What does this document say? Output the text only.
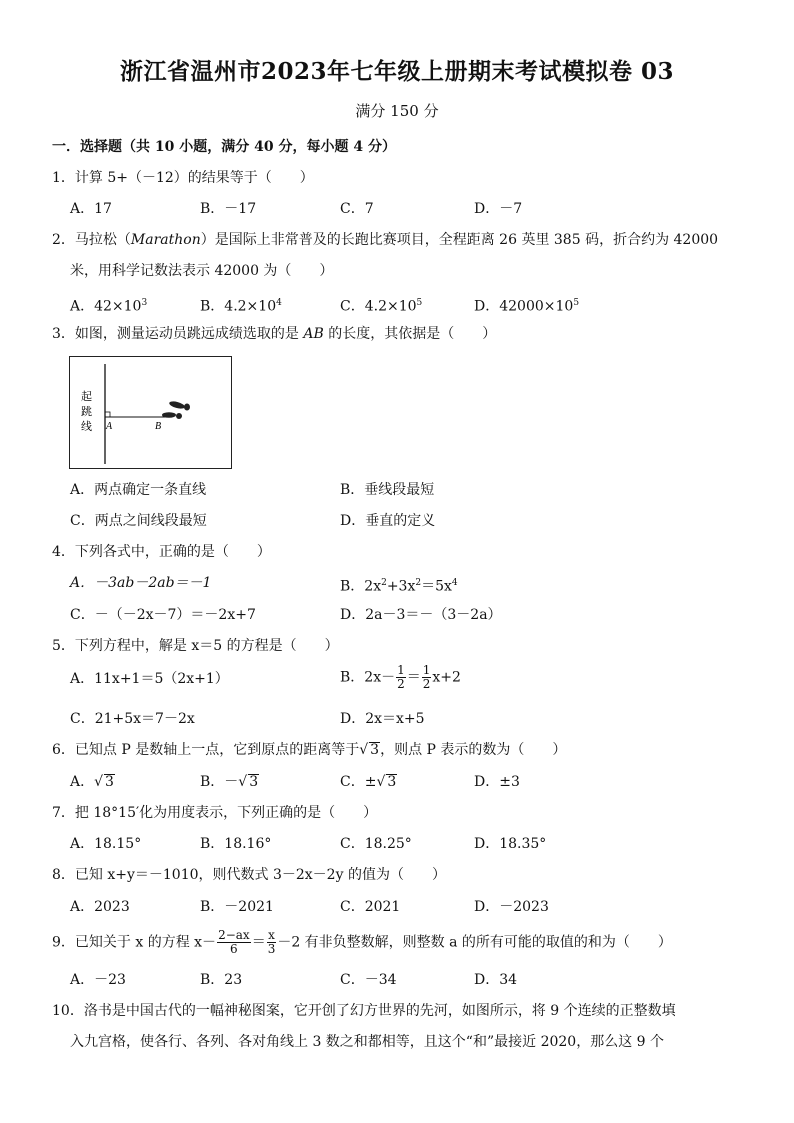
浙江省温州市2023年七年级上册期末考试模拟卷 03
满分 150 分
一．选择题（共 10 小题，满分 40 分，每小题 4 分）
1．计算 5+（－12）的结果等于（　　）
A．17	B．－17	C．7	D．－7
2．马拉松（Marathon）是国际上非常普及的长跑比赛项目，全程距离 26 英里 385 码，折合约为 42000
米，用科学记数法表示 42000 为（　　）
A．$42\times 10^3$	B．$4.2\times 10^4$	C．$4.2\times 10^5$	D．$42000\times 10^5$
3．如图，测量运动员跳远成绩选取的是 AB 的长度，其依据是（　　）
起
跳
线 A	B
A．两点确定一条直线	B．垂线段最短
C．两点之间线段最短	D．垂直的定义
4．下列各式中，正确的是（　　）
A．－3ab－2ab＝－1	B．$2x^2+3x^2=5x^4$
C．－（－2x－7）＝－2x+7	D．2a－3＝－（3－2a）
5．下列方程中，解是 x＝5 的方程是（　　）
A．11x+1＝5（2x+1）	B．$2x- \frac{1}{2} = \frac{1}{2} x+2$
C．21+5x＝7－2x	D．2x＝x+5
6．已知点 P 是数轴上一点，它到原点的距离等于√ 3，则点 P 表示的数为（　　）
A．√ 3	B．－√ 3	C．±√ 3	D．±3
7．把 18°15′化为用度表示，下列正确的是（　　）
A．18.15°	B．18.16°	C．18.25°	D．18.35°
8．已知 x+y＝－1010，则代数式 3－2x－2y 的值为（　　）
A．2023	B．－2021	C．2021	D．－2023
9．已知关于 x 的方程 $x- \frac{2-ax}{6} = \frac{x}{3} -2$ 有非负整数解，则整数 a 的所有可能的取值的和为（　　）
A．－23	B．23	C．－34	D．34
10．洛书是中国古代的一幅神秘图案，它开创了幻方世界的先河，如图所示，将 9 个连续的正整数填
入九宫格，使各行、各列、各对角线上 3 数之和都相等，且这个“和”最接近 2020，那么这 9 个
